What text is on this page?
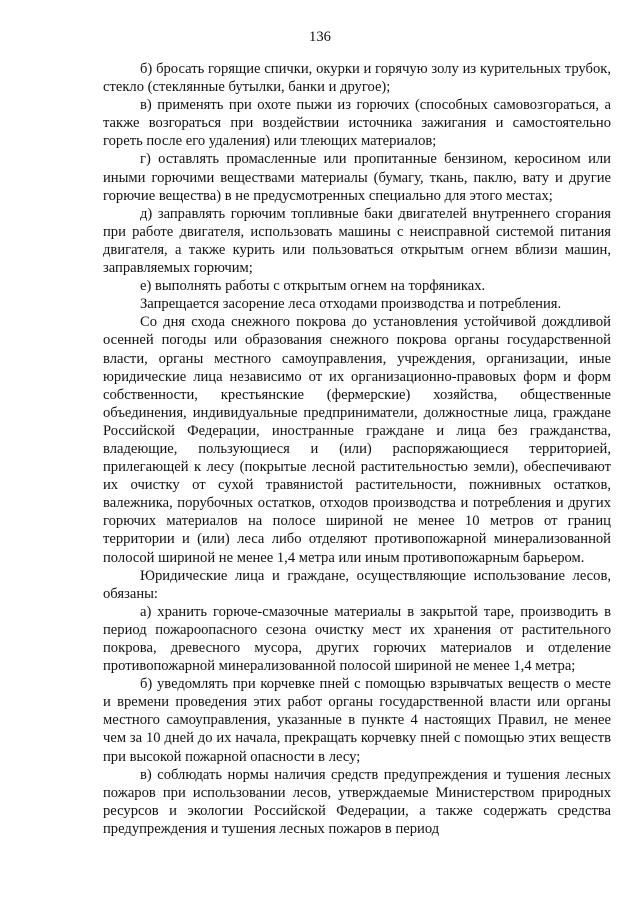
136

б) бросать горящие спички, окурки и горячую золу из курительных трубок, стекло (стеклянные бутылки, банки и другое);

в) применять при охоте пыжи из горючих (способных самовозгораться, а также возгораться при воздействии источника зажигания и самостоятельно гореть после его удаления) или тлеющих материалов;

г) оставлять промасленные или пропитанные бензином, керосином или иными горючими веществами материалы (бумагу, ткань, паклю, вату и другие горючие вещества) в не предусмотренных специально для этого местах;

д) заправлять горючим топливные баки двигателей внутреннего сгорания при работе двигателя, использовать машины с неисправной системой питания двигателя, а также курить или пользоваться открытым огнем вблизи машин, заправляемых горючим;

е) выполнять работы с открытым огнем на торфяниках.

Запрещается засорение леса отходами производства и потребления.

Со дня схода снежного покрова до установления устойчивой дождливой осенней погоды или образования снежного покрова органы государственной власти, органы местного самоуправления, учреждения, организации, иные юридические лица независимо от их организационно-правовых форм и форм собственности, крестьянские (фермерские) хозяйства, общественные объединения, индивидуальные предприниматели, должностные лица, граждане Российской Федерации, иностранные граждане и лица без гражданства, владеющие, пользующиеся и (или) распоряжающиеся территорией, прилегающей к лесу (покрытые лесной растительностью земли), обеспечивают их очистку от сухой травянистой растительности, пожнивных остатков, валежника, порубочных остатков, отходов производства и потребления и других горючих материалов на полосе шириной не менее 10 метров от границ территории и (или) леса либо отделяют противопожарной минерализованной полосой шириной не менее 1,4 метра или иным противопожарным барьером.

Юридические лица и граждане, осуществляющие использование лесов, обязаны:

а) хранить горюче-смазочные материалы в закрытой таре, производить в период пожароопасного сезона очистку мест их хранения от растительного покрова, древесного мусора, других горючих материалов и отделение противопожарной минерализованной полосой шириной не менее 1,4 метра;

б) уведомлять при корчевке пней с помощью взрывчатых веществ о месте и времени проведения этих работ органы государственной власти или органы местного самоуправления, указанные в пункте 4 настоящих Правил, не менее чем за 10 дней до их начала, прекращать корчевку пней с помощью этих веществ при высокой пожарной опасности в лесу;

в) соблюдать нормы наличия средств предупреждения и тушения лесных пожаров при использовании лесов, утверждаемые Министерством природных ресурсов и экологии Российской Федерации, а также содержать средства предупреждения и тушения лесных пожаров в период
